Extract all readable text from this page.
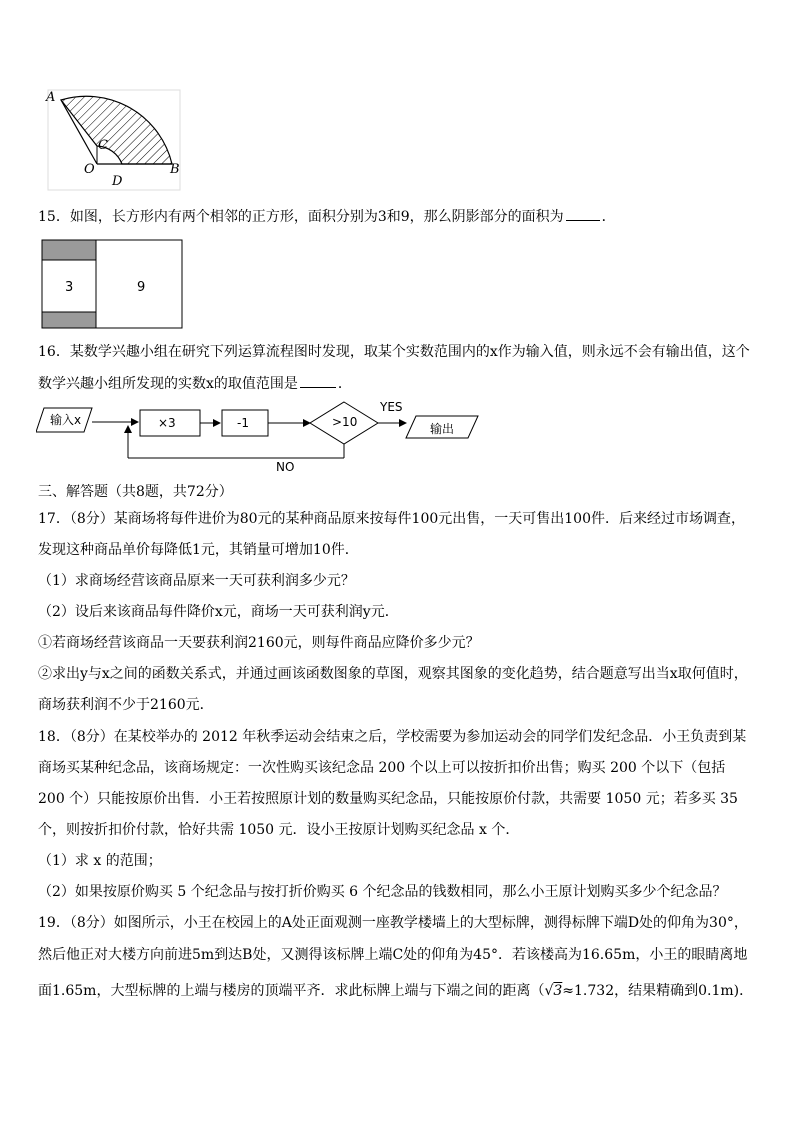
A
C
O
D
B
15．如图，长方形内有两个相邻的正方形，面积分别为3和9，那么阴影部分的面积为	．
3	9
16．某数学兴趣小组在研究下列运算流程图时发现，取某个实数范围内的x作为输入值，则永远不会有输出值，这个
数学兴趣小组所发现的实数x的取值范围是	．
输入x	×3	-1	>10
YES
输出
NO
三、解答题（共8题，共72分）
17．（8分）某商场将每件进价为80元的某种商品原来按每件100元出售，一天可售出100件．后来经过市场调查，
发现这种商品单价每降低1元，其销量可增加10件．
（1）求商场经营该商品原来一天可获利润多少元？
（2）设后来该商品每件降价x元，商场一天可获利润y元．
①若商场经营该商品一天要获利润2160元，则每件商品应降价多少元？
②求出y与x之间的函数关系式，并通过画该函数图象的草图，观察其图象的变化趋势，结合题意写出当x取何值时，
商场获利润不少于2160元．
18．（8分）在某校举办的 2012 年秋季运动会结束之后，学校需要为参加运动会的同学们发纪念品．小王负责到某
商场买某种纪念品，该商场规定：一次性购买该纪念品 200 个以上可以按折扣价出售；购买 200 个以下（包括
200 个）只能按原价出售．小王若按照原计划的数量购买纪念品，只能按原价付款，共需要 1050 元；若多买 35
个，则按折扣价付款，恰好共需 1050 元．设小王按原计划购买纪念品 x 个．
（1）求 x 的范围；
（2）如果按原价购买 5 个纪念品与按打折价购买 6 个纪念品的钱数相同，那么小王原计划购买多少个纪念品？
19．（8分）如图所示，小王在校园上的A处正面观测一座教学楼墙上的大型标牌，测得标牌下端D处的仰角为30°，
然后他正对大楼方向前进5m到达B处，又测得该标牌上端C处的仰角为45°．若该楼高为16.65m，小王的眼睛离地
面1.65m，大型标牌的上端与楼房的顶端平齐．求此标牌上端与下端之间的距离（√3≈1.732，结果精确到0.1m)．
